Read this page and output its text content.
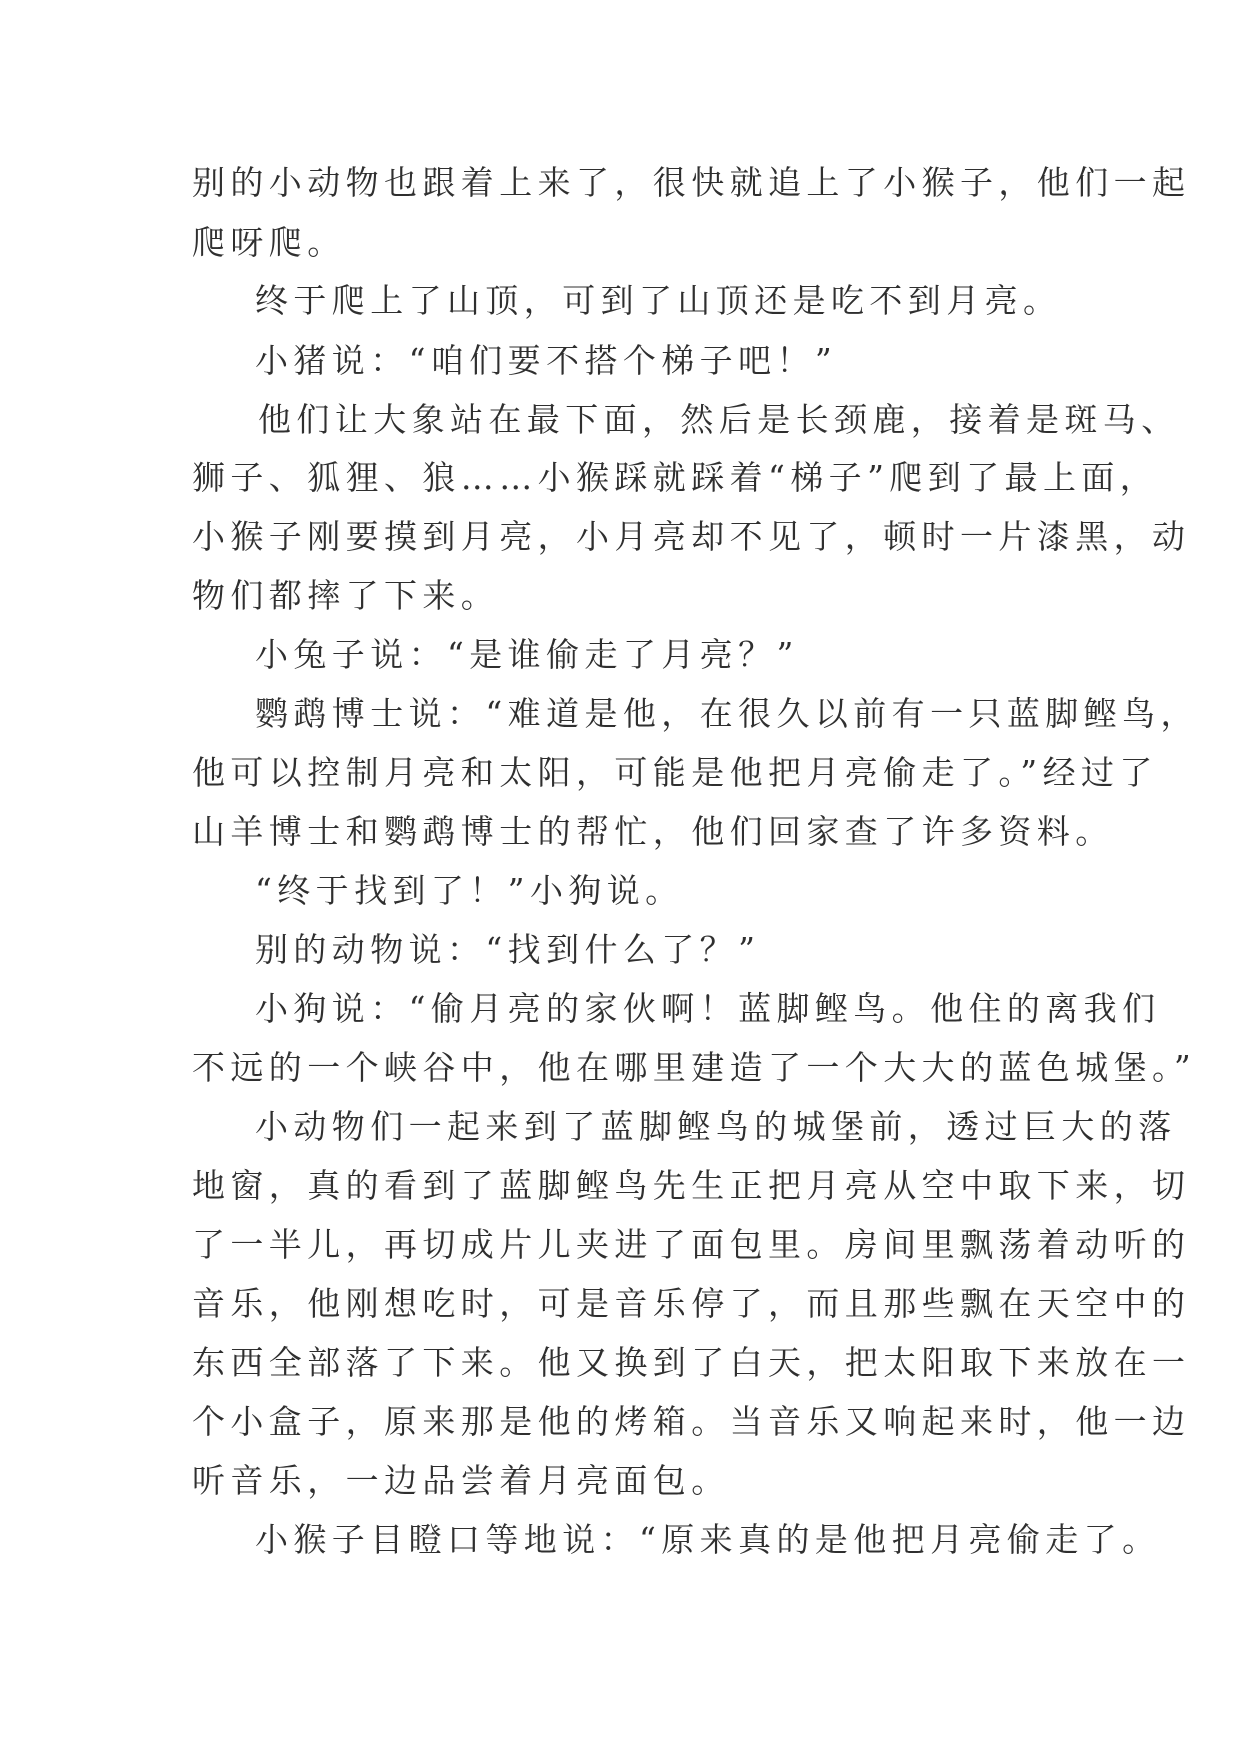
别的小动物也跟着上来了，很快就追上了小猴子，他们一起

爬呀爬。

终于爬上了山顶，可到了山顶还是吃不到月亮。

小猪说：“咱们要不搭个梯子吧！”

他们让大象站在最下面，然后是长颈鹿，接着是斑马、

狮子、狐狸、狼……小猴踩就踩着“梯子”爬到了最上面，

小猴子刚要摸到月亮，小月亮却不见了，顿时一片漆黑，动

物们都摔了下来。

小兔子说：“是谁偷走了月亮？”

鹦鹉博士说：“难道是他，在很久以前有一只蓝脚鲣鸟，

他可以控制月亮和太阳，可能是他把月亮偷走了。”经过了

山羊博士和鹦鹉博士的帮忙，他们回家查了许多资料。

“终于找到了！”小狗说。

别的动物说：“找到什么了？”

小狗说：“偷月亮的家伙啊！蓝脚鲣鸟。他住的离我们

不远的一个峡谷中，他在哪里建造了一个大大的蓝色城堡。”

小动物们一起来到了蓝脚鲣鸟的城堡前，透过巨大的落

地窗，真的看到了蓝脚鲣鸟先生正把月亮从空中取下来，切

了一半儿，再切成片儿夹进了面包里。房间里飘荡着动听的

音乐，他刚想吃时，可是音乐停了，而且那些飘在天空中的

东西全部落了下来。他又换到了白天，把太阳取下来放在一

个小盒子，原来那是他的烤箱。当音乐又响起来时，他一边

听音乐，一边品尝着月亮面包。

小猴子目瞪口等地说：“原来真的是他把月亮偷走了。
